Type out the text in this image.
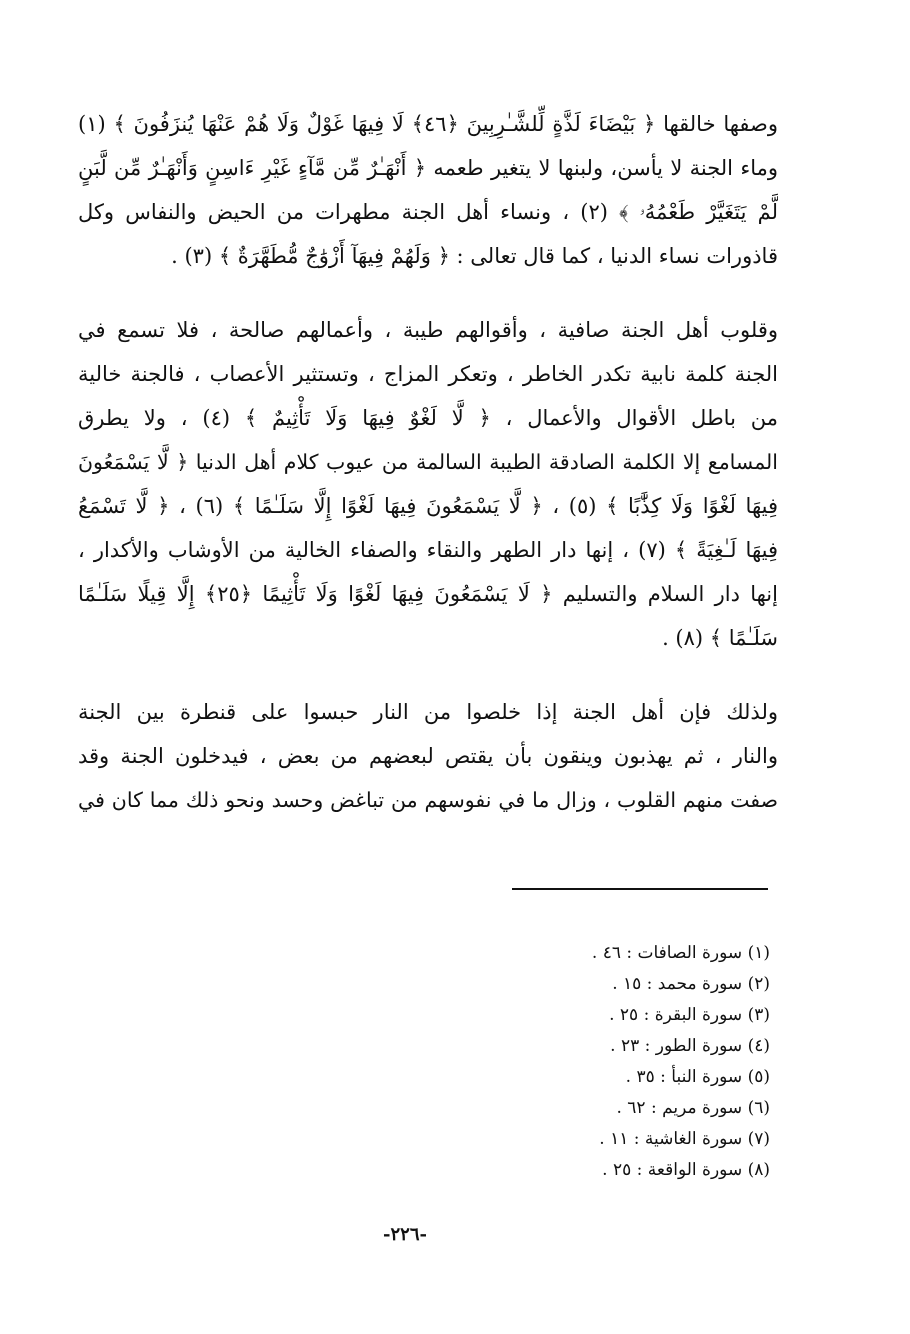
وصفها خالقها ﴿ بَيْضَاءَ لَذَّةٍ لِّلشَّـٰرِبِينَ ﴿٤٦﴾ لَا فِيهَا غَوْلٌ وَلَا هُمْ عَنْهَا يُنزَفُونَ ﴾ (١)
وماء الجنة لا يأسن، ولبنها لا يتغير طعمه ﴿ أَنْهَـٰرٌ مِّن مَّآءٍ غَيْرِ ءَاسِنٍ وَأَنْهَـٰرٌ مِّن لَّبَنٍ
لَّمْ يَتَغَيَّرْ طَعْمُهُۥ ﴾ (٢) ، ونساء أهل الجنة مطهرات من الحيض والنفاس وكل
قاذورات نساء الدنيا ، كما قال تعالى : ﴿ وَلَهُمْ فِيهَآ أَزْوَٰجٌ مُّطَهَّرَةٌ ﴾ (٣) .
وقلوب أهل الجنة صافية ، وأقوالهم طيبة ، وأعمالهم صالحة ، فلا تسمع في
الجنة كلمة نابية تكدر الخاطر ، وتعكر المزاج ، وتستثير الأعصاب ، فالجنة خالية
من باطل الأقوال والأعمال ، ﴿ لَّا لَغْوٌ فِيهَا وَلَا تَأْثِيمٌ ﴾ (٤) ، ولا يطرق
المسامع إلا الكلمة الصادقة الطيبة السالمة من عيوب كلام أهل الدنيا ﴿ لَّا يَسْمَعُونَ
فِيهَا لَغْوًا وَلَا كِذَّٰبًا ﴾ (٥) ، ﴿ لَّا يَسْمَعُونَ فِيهَا لَغْوًا إِلَّا سَلَـٰمًا ﴾ (٦) ، ﴿ لَّا تَسْمَعُ
فِيهَا لَـٰغِيَةً ﴾ (٧) ، إنها دار الطهر والنقاء والصفاء الخالية من الأوشاب والأكدار ،
إنها دار السلام والتسليم ﴿ لَا يَسْمَعُونَ فِيهَا لَغْوًا وَلَا تَأْثِيمًا ﴿٢٥﴾ إِلَّا قِيلًا سَلَـٰمًا
سَلَـٰمًا ﴾ (٨) .
ولذلك فإن أهل الجنة إذا خلصوا من النار حبسوا على قنطرة بين الجنة
والنار ، ثم يهذبون وينقون بأن يقتص لبعضهم من بعض ، فيدخلون الجنة وقد
صفت منهم القلوب ، وزال ما في نفوسهم من تباغض وحسد ونحو ذلك مما كان في
(١) سورة الصافات : ٤٦ .
(٢) سورة محمد : ١٥ .
(٣) سورة البقرة : ٢٥ .
(٤) سورة الطور : ٢٣ .
(٥) سورة النبأ : ٣٥ .
(٦) سورة مريم : ٦٢ .
(٧) سورة الغاشية : ١١ .
(٨) سورة الواقعة : ٢٥ .
-٢٢٦-
